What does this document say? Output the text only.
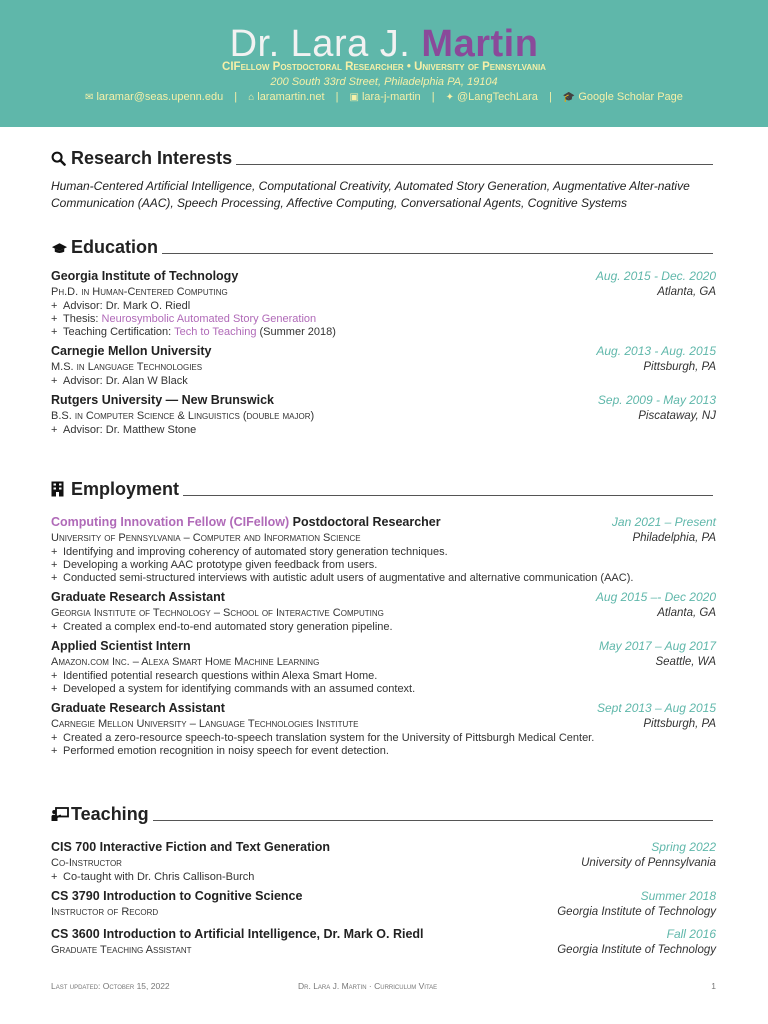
Dr. Lara J. Martin
CIFellow Postdoctoral Researcher • University of Pennsylvania
200 South 33rd Street, Philadelphia PA, 19104
✉ laramar@seas.upenn.edu | ⌂ laramartin.net | ▣ lara-j-martin | ✦ @LangTechLara | 🎓 Google Scholar Page
Research Interests
Human-Centered Artificial Intelligence, Computational Creativity, Automated Story Generation, Augmentative Alter-native Communication (AAC), Speech Processing, Affective Computing, Conversational Agents, Cognitive Systems
Education
Georgia Institute of Technology	Aug. 2015 - Dec. 2020
Ph.D. in Human-Centered Computing	Atlanta, GA
+ Advisor: Dr. Mark O. Riedl
+ Thesis: Neurosymbolic Automated Story Generation
+ Teaching Certification: Tech to Teaching (Summer 2018)
Carnegie Mellon University	Aug. 2013 - Aug. 2015
M.S. in Language Technologies	Pittsburgh, PA
+ Advisor: Dr. Alan W Black
Rutgers University — New Brunswick	Sep. 2009 - May 2013
B.S. in Computer Science & Linguistics (double major)	Piscataway, NJ
+ Advisor: Dr. Matthew Stone
Employment
Computing Innovation Fellow (CIFellow) Postdoctoral Researcher	Jan 2021 – Present
University of Pennsylvania – Computer and Information Science	Philadelphia, PA
+ Identifying and improving coherency of automated story generation techniques.
+ Developing a working AAC prototype given feedback from users.
+ Conducted semi-structured interviews with autistic adult users of augmentative and alternative communication (AAC).
Graduate Research Assistant	Aug 2015 –- Dec 2020
Georgia Institute of Technology – School of Interactive Computing	Atlanta, GA
+ Created a complex end-to-end automated story generation pipeline.
Applied Scientist Intern	May 2017 – Aug 2017
Amazon.com Inc. – Alexa Smart Home Machine Learning	Seattle, WA
+ Identified potential research questions within Alexa Smart Home.
+ Developed a system for identifying commands with an assumed context.
Graduate Research Assistant	Sept 2013 – Aug 2015
Carnegie Mellon University – Language Technologies Institute	Pittsburgh, PA
+ Created a zero-resource speech-to-speech translation system for the University of Pittsburgh Medical Center.
+ Performed emotion recognition in noisy speech for event detection.
Teaching
CIS 700 Interactive Fiction and Text Generation	Spring 2022
Co-Instructor	University of Pennsylvania
+ Co-taught with Dr. Chris Callison-Burch
CS 3790 Introduction to Cognitive Science	Summer 2018
Instructor of Record	Georgia Institute of Technology
CS 3600 Introduction to Artificial Intelligence, Dr. Mark O. Riedl	Fall 2016
Graduate Teaching Assistant	Georgia Institute of Technology
Last updated: October 15, 2022	Dr. Lara J. Martin · Curriculum Vitae	1
